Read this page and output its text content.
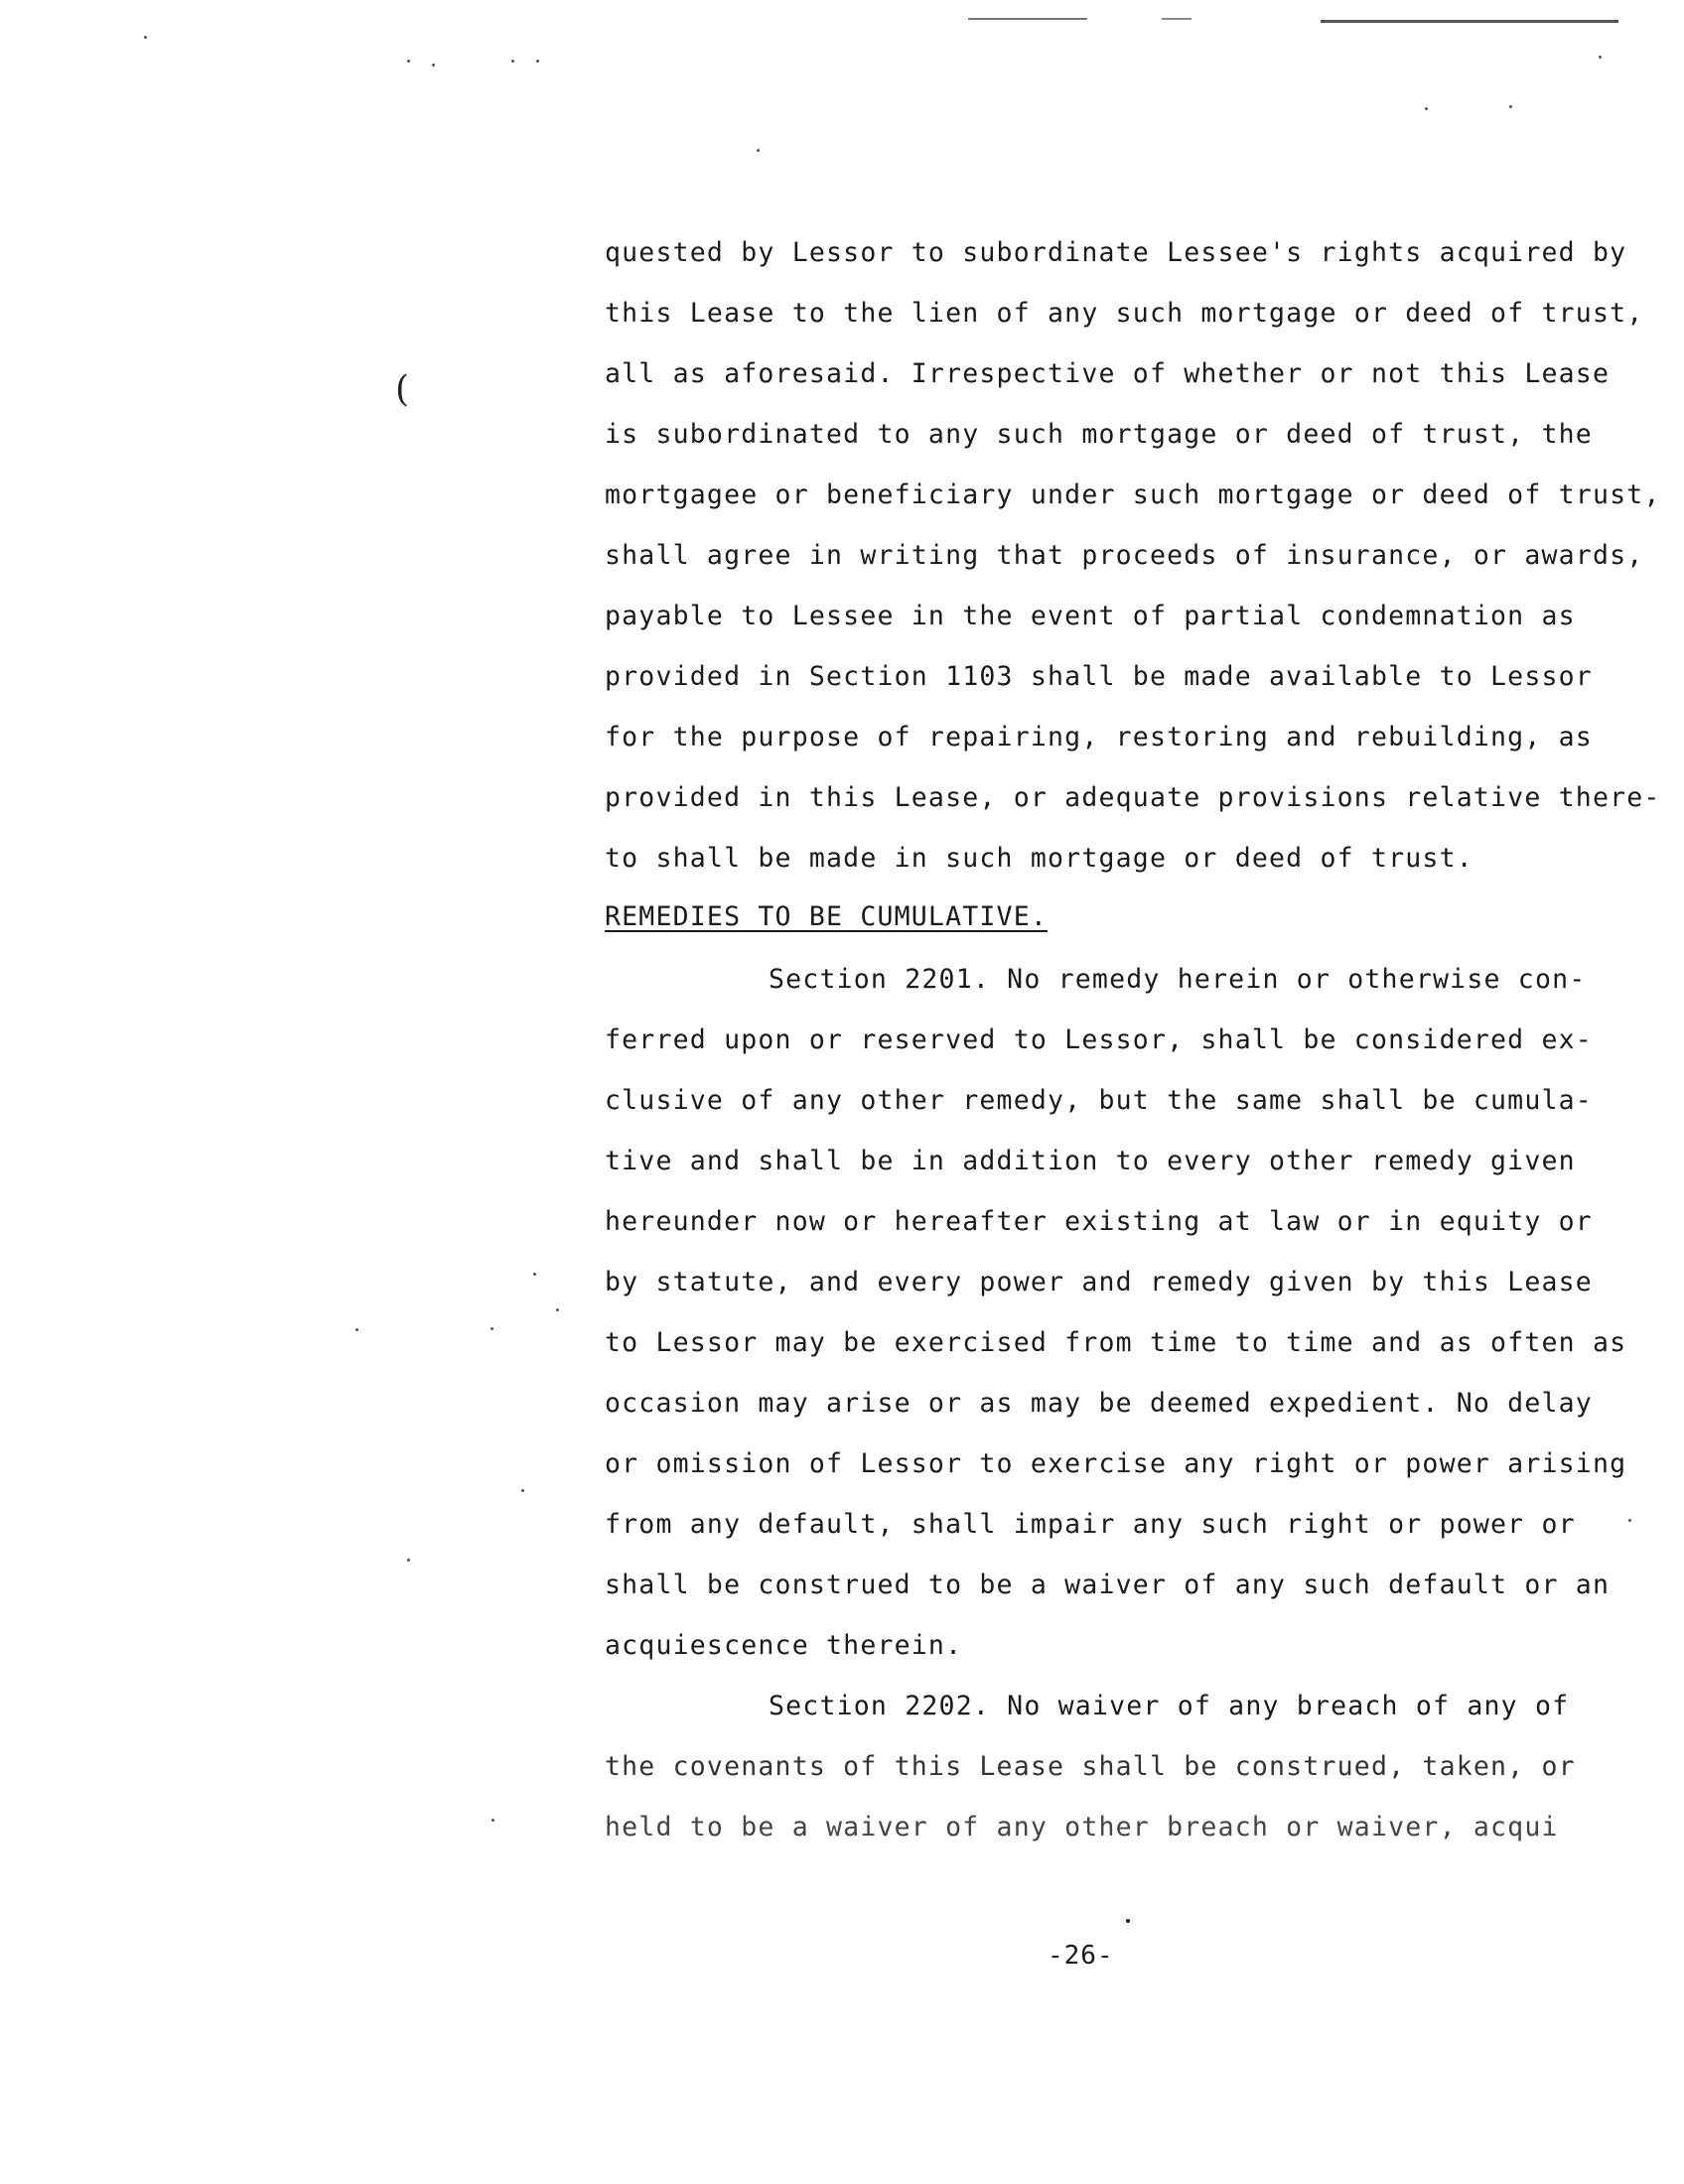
(
quested by Lessor to subordinate Lessee's rights acquired by
this Lease to the lien of any such mortgage or deed of trust,
all as aforesaid. Irrespective of whether or not this Lease
is subordinated to any such mortgage or deed of trust, the
mortgagee or beneficiary under such mortgage or deed of trust,
shall agree in writing that proceeds of insurance, or awards,
payable to Lessee in the event of partial condemnation as
provided in Section 1103 shall be made available to Lessor
for the purpose of repairing, restoring and rebuilding, as
provided in this Lease, or adequate provisions relative there-
to shall be made in such mortgage or deed of trust.
REMEDIES TO BE CUMULATIVE.
Section 2201. No remedy herein or otherwise con-
ferred upon or reserved to Lessor, shall be considered ex-
clusive of any other remedy, but the same shall be cumula-
tive and shall be in addition to every other remedy given
hereunder now or hereafter existing at law or in equity or
by statute, and every power and remedy given by this Lease
to Lessor may be exercised from time to time and as often as
occasion may arise or as may be deemed expedient. No delay
or omission of Lessor to exercise any right or power arising
from any default, shall impair any such right or power or
shall be construed to be a waiver of any such default or an
acquiescence therein.
Section 2202. No waiver of any breach of any of
the covenants of this Lease shall be construed, taken, or
held to be a waiver of any other breach or waiver, acqui
-26-
